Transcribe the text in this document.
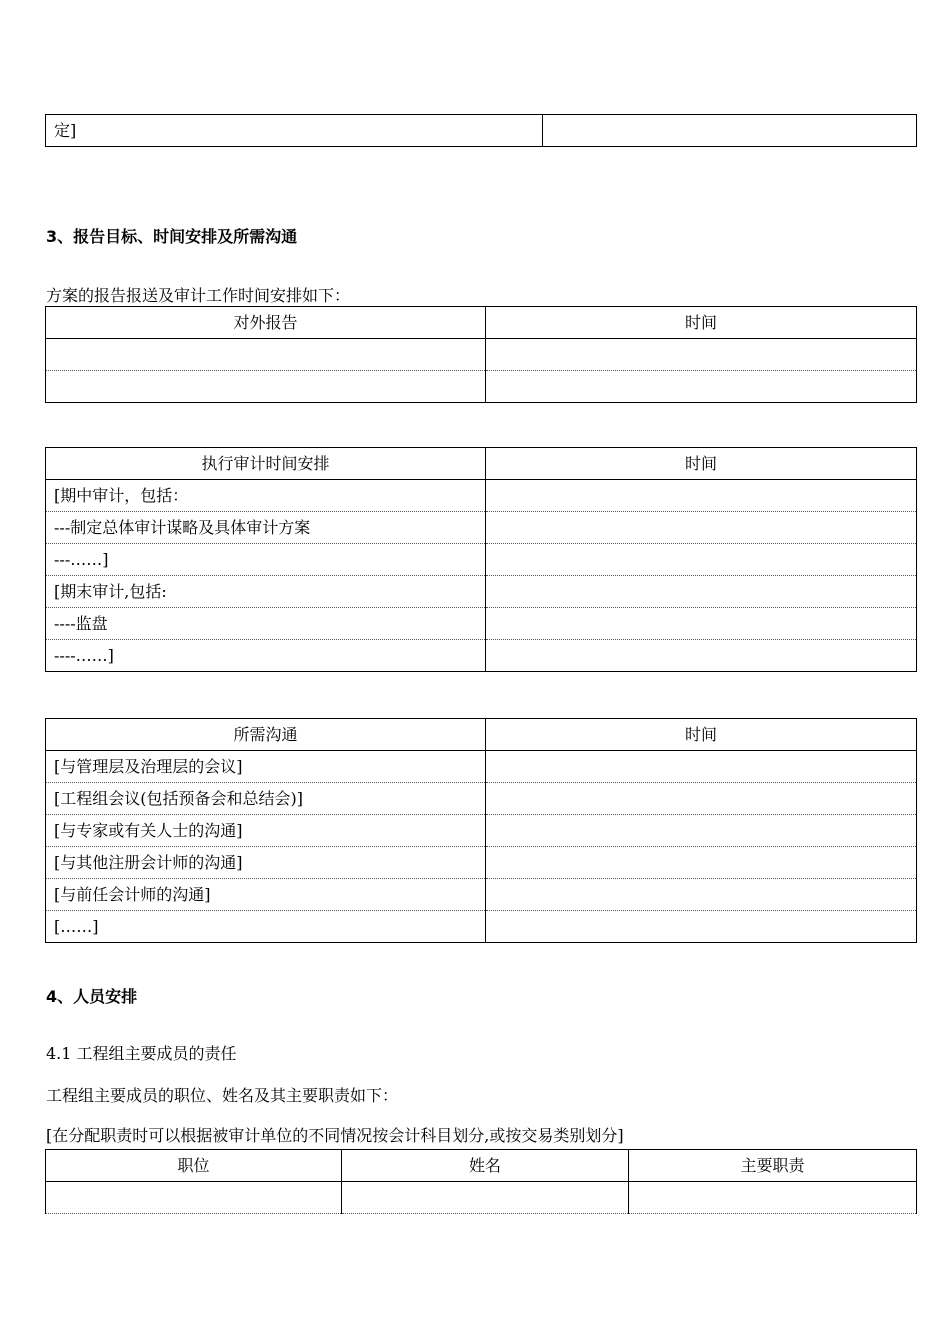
定]	
3、报告目标、时间安排及所需沟通
方案的报告报送及审计工作时间安排如下：
对外报告	时间

执行审计时间安排	时间
[期中审计，包括：	
---制定总体审计谋略及具体审计方案	
---……]	
[期末审计,包括:	
----监盘	
----……]	
所需沟通	时间
[与管理层及治理层的会议]	
[工程组会议(包括预备会和总结会)]	
[与专家或有关人士的沟通]	
[与其他注册会计师的沟通]	
[与前任会计师的沟通]	
[……]	
4、人员安排
4.1 工程组主要成员的责任
工程组主要成员的职位、姓名及其主要职责如下：
[在分配职责时可以根据被审计单位的不同情况按会计科目划分,或按交易类别划分]
职位	姓名	主要职责
